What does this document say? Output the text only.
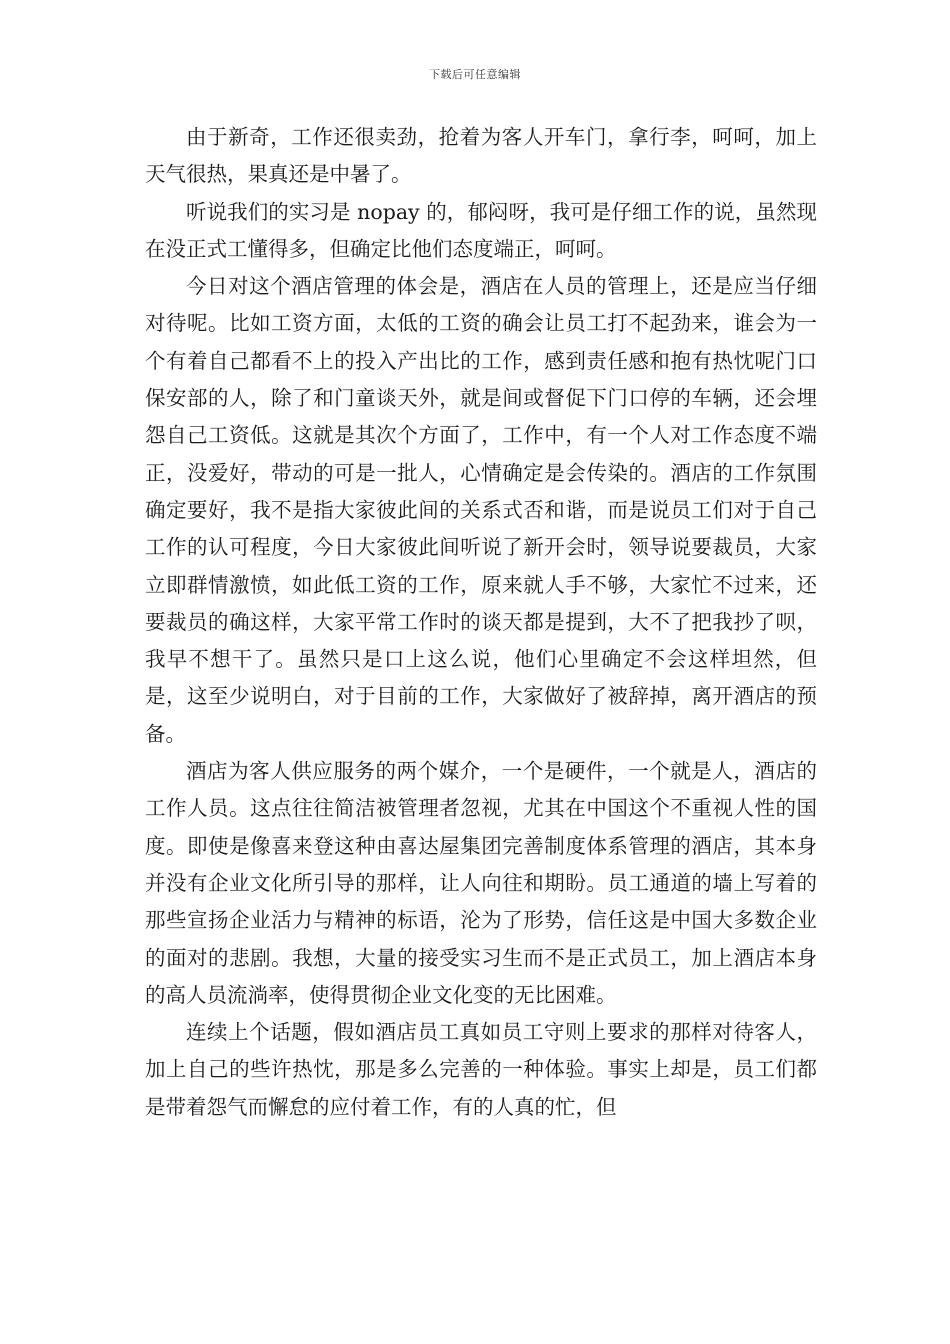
下载后可任意编辑

由于新奇，工作还很卖劲，抢着为客人开车门，拿行李，呵呵，加上天气很热，果真还是中暑了。

听说我们的实习是 nopay 的，郁闷呀，我可是仔细工作的说，虽然现在没正式工懂得多，但确定比他们态度端正，呵呵。

今日对这个酒店管理的体会是，酒店在人员的管理上，还是应当仔细对待呢。比如工资方面，太低的工资的确会让员工打不起劲来，谁会为一个有着自己都看不上的投入产出比的工作，感到责任感和抱有热忱呢门口保安部的人，除了和门童谈天外，就是间或督促下门口停的车辆，还会埋怨自己工资低。这就是其次个方面了，工作中，有一个人对工作态度不端正，没爱好，带动的可是一批人，心情确定是会传染的。酒店的工作氛围确定要好，我不是指大家彼此间的关系式否和谐，而是说员工们对于自己工作的认可程度，今日大家彼此间听说了新开会时，领导说要裁员，大家立即群情激愤，如此低工资的工作，原来就人手不够，大家忙不过来，还要裁员的确这样，大家平常工作时的谈天都是提到，大不了把我抄了呗，我早不想干了。虽然只是口上这么说，他们心里确定不会这样坦然，但是，这至少说明白，对于目前的工作，大家做好了被辞掉，离开酒店的预备。

酒店为客人供应服务的两个媒介，一个是硬件，一个就是人，酒店的工作人员。这点往往简洁被管理者忽视，尤其在中国这个不重视人性的国度。即使是像喜来登这种由喜达屋集团完善制度体系管理的酒店，其本身并没有企业文化所引导的那样，让人向往和期盼。员工通道的墙上写着的那些宣扬企业活力与精神的标语，沦为了形势，信任这是中国大多数企业的面对的悲剧。我想，大量的接受实习生而不是正式员工，加上酒店本身的高人员流淌率，使得贯彻企业文化变的无比困难。

连续上个话题，假如酒店员工真如员工守则上要求的那样对待客人，加上自己的些许热忱，那是多么完善的一种体验。事实上却是，员工们都是带着怨气而懈怠的应付着工作，有的人真的忙，但
